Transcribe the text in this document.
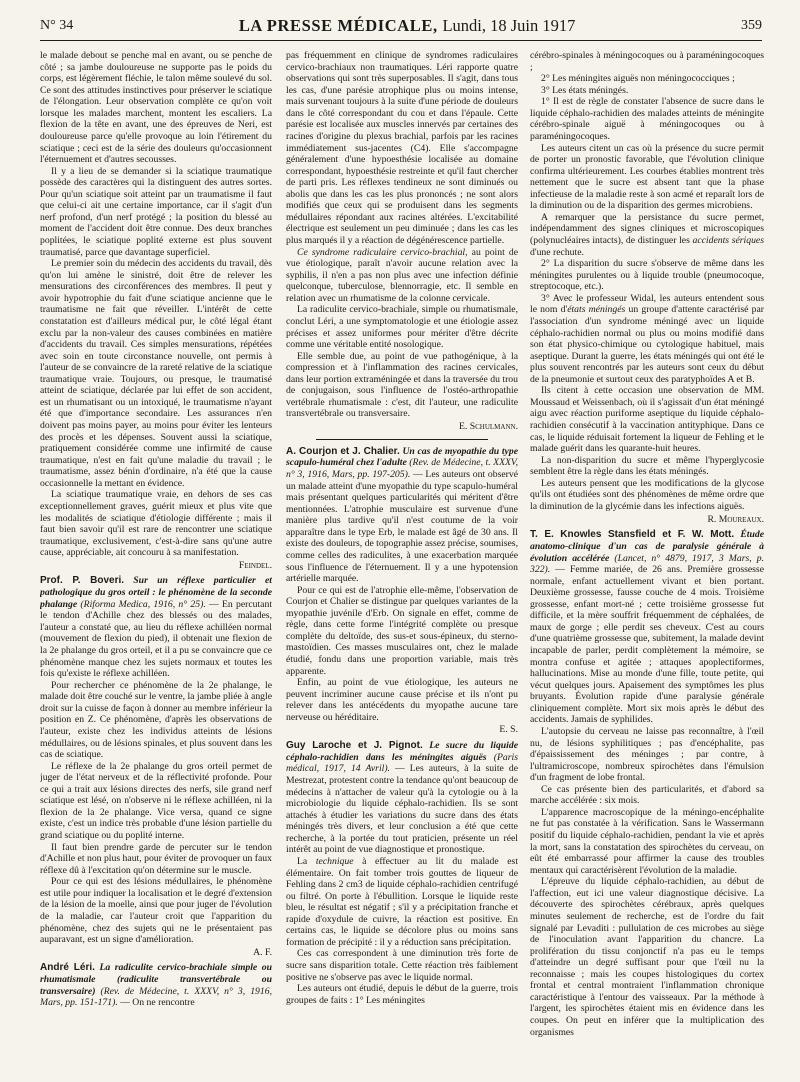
N° 34	LA PRESSE MÉDICALE, Lundi, 18 Juin 1917	359

le malade debout se penche mal en avant, ou se penche de côté ; sa jambe douloureuse ne supporte pas le poids du corps, est légèrement fléchie, le talon même soulevé du sol. Ce sont des attitudes instinctives pour préserver le sciatique de l'élongation. Leur observation complète ce qu'on voit lorsque les malades marchent, montent les escaliers. La flexion de la tête en avant, une des épreuves de Neri, est douloureuse parce qu'elle provoque au loin l'étirement du sciatique ; ceci est de la série des douleurs qu'occasionnent l'éternuement et d'autres secousses.

Il y a lieu de se demander si la sciatique traumatique possède des caractères qui la distinguent des autres sortes. Pour qu'un sciatique soit atteint par un traumatisme il faut que celui-ci ait une certaine importance, car il s'agit d'un nerf profond, d'un nerf protégé ; la position du blessé au moment de l'accident doit être connue. Des deux branches poplitées, le sciatique poplité externe est plus souvent traumatisé, parce que davantage superficiel.

Le premier soin du médecin des accidents du travail, dès qu'on lui amène le sinistré, doit être de relever les mensurations des circonférences des membres. Il peut y avoir hypotrophie du fait d'une sciatique ancienne que le traumatisme ne fait que réveiller. L'intérêt de cette constatation est d'ailleurs médical pur, le côté légal étant exclu par la non-valeur des causes combinées en matière d'accidents du travail. Ces simples mensurations, répétées avec soin en toute circonstance nouvelle, ont permis à l'auteur de se convaincre de la rareté relative de la sciatique traumatique vraie. Toujours, ou presque, le traumatisé atteint de sciatique, déclarée par lui effet de son accident, est un rhumatisant ou un intoxiqué, le traumatisme n'ayant été que d'importance secondaire. Les assurances n'en doivent pas moins payer, au moins pour éviter les lenteurs des procès et les dépenses. Souvent aussi la sciatique, pratiquement considérée comme une infirmité de cause traumatique, n'est en fait qu'une maladie du travail ; le traumatisme, assez bénin d'ordinaire, n'a été que la cause occasionnelle la mettant en évidence.

La sciatique traumatique vraie, en dehors de ses cas exceptionnellement graves, guérit mieux et plus vite que les modalités de sciatique d'étiologie différente ; mais il faut bien savoir qu'il est rare de rencontrer une sciatique traumatique, exclusivement, c'est-à-dire sans qu'une autre cause, appréciable, ait concouru à sa manifestation.

Feindel.

Prof. P. Boveri. Sur un réflexe particulier et pathologique du gros orteil : le phénomène de la seconde phalange (Riforma Medica, 1916, n° 25). — En percutant le tendon d'Achille chez des blessés ou des malades, l'auteur a constaté que, au lieu du réflexe achilléen normal (mouvement de flexion du pied), il obtenait une flexion de la 2e phalange du gros orteil, et il a pu se convaincre que ce phénomène manque chez les sujets normaux et toutes les fois qu'existe le réflexe achilléen.

Pour rechercher ce phénomène de la 2e phalange, le malade doit être couché sur le ventre, la jambe pliée à angle droit sur la cuisse de façon à donner au membre inférieur la position en Z. Ce phénomène, d'après les observations de l'auteur, existe chez les individus atteints de lésions médullaires, ou de lésions spinales, et plus souvent dans les cas de sciatique.

Le réflexe de la 2e phalange du gros orteil permet de juger de l'état nerveux et de la réflectivité profonde. Pour ce qui a trait aux lésions directes des nerfs, sile grand nerf sciatique est lésé, on n'observe ni le réflexe achilléen, ni la flexion de la 2e phalange. Vice versa, quand ce signe existe, c'est un indice très probable d'une lésion partielle du grand sciatique ou du poplité interne.

Il faut bien prendre garde de percuter sur le tendon d'Achille et non plus haut, pour éviter de provoquer un faux réflexe dû à l'excitation qu'on détermine sur le muscle.

Pour ce qui est des lésions médullaires, le phénomène est utile pour indiquer la localisation et le degré d'extension de la lésion de la moelle, ainsi que pour juger de l'évolution de la maladie, car l'auteur croit que l'apparition du phénomène, chez des sujets qui ne le présentaient pas auparavant, est un signe d'amélioration.

A. F.

André Léri. La radiculite cervico-brachiale simple ou rhumatismale (radiculite transvertébrale ou transversaire) (Rev. de Médecine, t. XXXV, n° 3, 1916, Mars, pp. 151-171). — On ne rencontre

pas fréquemment en clinique de syndromes radiculaires cervico-brachiaux non traumatiques. Léri rapporte quatre observations qui sont très superposables. Il s'agit, dans tous les cas, d'une parésie atrophique plus ou moins intense, mais survenant toujours à la suite d'une période de douleurs dans le côté correspondant du cou et dans l'épaule. Cette parésie est localisée aux muscles innervés par certaines des racines d'origine du plexus brachial, parfois par les racines immédiatement sus-jacentes (C4). Elle s'accompagne généralement d'une hypoesthésie localisée au domaine correspondant, hypoesthésie restreinte et qu'il faut chercher de parti pris. Les réflexes tendineux ne sont diminués ou abolis que dans les cas les plus prononcés ; ne sont alors modifiés que ceux qui se produisent dans les segments médullaires répondant aux racines altérées. L'excitabilité électrique est seulement un peu diminuée ; dans les cas les plus marqués il y a réaction de dégénérescence partielle.

Ce syndrome radiculaire cervico-brachial, au point de vue étiologique, paraît n'avoir aucune relation avec la syphilis, il n'en a pas non plus avec une infection définie quelconque, tuberculose, blennorragie, etc. Il semble en relation avec un rhumatisme de la colonne cervicale.

La radiculite cervico-brachiale, simple ou rhumatismale, conclut Léri, a une symptomatologie et une étiologie assez précises et assez uniformes pour mériter d'être décrite comme une véritable entité nosologique.

Elle semble due, au point de vue pathogénique, à la compression et à l'inflammation des racines cervicales, dans leur portion extraméningée et dans la traversée du trou de conjugaison, sous l'influence de l'ostéo-arthropathie vertébrale rhumatismale : c'est, dit l'auteur, une radiculite transvertébrale ou transversaire.

E. Schulmann.

A. Courjon et J. Chalier. Un cas de myopathie du type scapulo-huméral chez l'adulte (Rev. de Médecine, t. XXXV, n° 3, 1916, Mars, pp. 197-205). — Les auteurs ont observé un malade atteint d'une myopathie du type scapulo-huméral mais présentant quelques particularités qui méritent d'être mentionnées. L'atrophie musculaire est survenue d'une manière plus tardive qu'il n'est coutume de la voir apparaître dans le type Erb, le malade est âgé de 30 ans. Il existe des douleurs, de topographie assez précise, soumises, comme celles des radiculites, à une exacerbation marquée sous l'influence de l'éternuement. Il y a une hypotension artérielle marquée.

Pour ce qui est de l'atrophie elle-même, l'observation de Courjon et Chalier se distingue par quelques variantes de la myopathie juvénile d'Erb. On signale en effet, comme de règle, dans cette forme l'intégrité complète ou presque complète du deltoïde, des sus-et sous-épineux, du sterno-mastoïdien. Ces masses musculaires ont, chez le malade étudié, fondu dans une proportion variable, mais très apparente.

Enfin, au point de vue étiologique, les auteurs ne peuvent incriminer aucune cause précise et ils n'ont pu relever dans les antécédents du myopathe aucune tare nerveuse ou héréditaire.

E. S.

Guy Laroche et J. Pignot. Le sucre du liquide céphalo-rachidien dans les méningites aiguës (Paris médical, 1917, 14 Avril). — Les auteurs, à la suite de Mestrezat, protestent contre la tendance qu'ont beaucoup de médecins à n'attacher de valeur qu'à la cytologie ou à la microbiologie du liquide céphalo-rachidien. Ils se sont attachés à étudier les variations du sucre dans des états méningés très divers, et leur conclusion a été que cette recherche, à la portée du tout praticien, présente un réel intérêt au point de vue diagnostique et pronostique.

La technique à effectuer au lit du malade est élémentaire. On fait tomber trois gouttes de liqueur de Fehling dans 2 cm3 de liquide céphalo-rachidien centrifugé ou filtré. On porte à l'ébullition. Lorsque le liquide reste bleu, le résultat est négatif ; s'il y a précipitation franche et rapide d'oxydule de cuivre, la réaction est positive. En certains cas, le liquide se décolore plus ou moins sans formation de précipité : il y a réduction sans précipitation.

Ces cas correspondent à une diminution très forte de sucre sans disparition totale. Cette réaction très faiblement positive ne s'observe pas avec le liquide normal.

Les auteurs ont étudié, depuis le début de la guerre, trois groupes de faits : 1° Les méningites

cérébro-spinales à méningocoques ou à paraméningocoques ;

2° Les méningites aiguës non méningococciques ;
3° Les états méningés.

1° Il est de règle de constater l'absence de sucre dans le liquide céphalo-rachidien des malades atteints de méningite cérébro-spinale aiguë à méningocoques ou à paraméningocoques.

Les auteurs citent un cas où la présence du sucre permit de porter un pronostic favorable, que l'évolution clinique confirma ultérieurement. Les courbes établies montrent très nettement que le sucre est absent tant que la phase infectieuse de la maladie reste à son acmé et reparaît lors de la diminution ou de la disparition des germes microbiens.

A remarquer que la persistance du sucre permet, indépendamment des signes cliniques et microscopiques (polynucléaires intacts), de distinguer les accidents sériques d'une rechute.

2° La disparition du sucre s'observe de même dans les méningites purulentes ou à liquide trouble (pneumocoque, streptocoque, etc.).

3° Avec le professeur Widal, les auteurs entendent sous le nom d'états méningés un groupe d'attente caractérisé par l'association d'un syndrome méningé avec un liquide céphalo-rachidien normal ou plus ou moins modifié dans son état physico-chimique ou cytologique habituel, mais aseptique. Durant la guerre, les états méningés qui ont été le plus souvent rencontrés par les auteurs sont ceux du début de la pneumonie et surtout ceux des paratyphoïdes A et B.

Ils citent à cette occasion une observation de MM. Moussaud et Weissenbach, où il s'agissait d'un état méningé aigu avec réaction puriforme aseptique du liquide céphalo-rachidien consécutif à la vaccination antityphique. Dans ce cas, le liquide réduisait fortement la liqueur de Fehling et le malade guérit dans les quarante-huit heures.

La non-disparition du sucre et même l'hyperglycosie semblent être la règle dans les états méningés.

Les auteurs pensent que les modifications de la glycose qu'ils ont étudiées sont des phénomènes de même ordre que la diminution de la glycémie dans les infections aiguës.

R. Moureaux.

T. E. Knowles Stansfield et F. W. Mott. Étude anatomo-clinique d'un cas de paralysie générale à évolution accélérée (Lancet, n° 4879, 1917, 3 Mars, p. 322). — Femme mariée, de 26 ans. Première grossesse normale, enfant actuellement vivant et bien portant. Deuxième grossesse, fausse couche de 4 mois. Troisième grossesse, enfant mort-né ; cette troisième grossesse fut difficile, et la mère souffrit fréquemment de céphalées, de maux de gorge ; elle perdit ses cheveux. C'est au cours d'une quatrième grossesse que, subitement, la malade devint incapable de parler, perdit complètement la mémoire, se montra confuse et agitée ; attaques apoplectiformes, hallucinations. Mise au monde d'une fille, toute petite, qui vécut quelques jours. Apaisement des symptômes les plus bruyants. Évolution rapide d'une paralysie générale cliniquement complète. Mort six mois après le début des accidents. Jamais de syphilides.

L'autopsie du cerveau ne laisse pas reconnaître, à l'œil nu, de lésions syphilitiques ; pas d'encéphalite, pas d'épaississement des méninges ; par contre, à l'ultramicroscope, nombreux spirochètes dans l'émulsion d'un fragment de lobe frontal.

Ce cas présente bien des particularités, et d'abord sa marche accélérée : six mois.

L'apparence macroscopique de la méningo-encéphalite ne fut pas constatée à la vérification. Sans le Wassermann positif du liquide céphalo-rachidien, pendant la vie et après la mort, sans la constatation des spirochètes du cerveau, on eût été embarrassé pour affirmer la cause des troubles mentaux qui caractérisèrent l'évolution de la maladie.

L'épreuve du liquide céphalo-rachidien, au début de l'affection, eut ici une valeur diagnostique décisive. La découverte des spirochètes cérébraux, après quelques minutes seulement de recherche, est de l'ordre du fait signalé par Levaditi : pullulation de ces microbes au siège de l'inoculation avant l'apparition du chancre. La prolifération du tissu conjonctif n'a pas eu le temps d'atteindre un degré suffisant pour que l'œil nu la reconnaisse ; mais les coupes histologiques du cortex frontal et central montraient l'inflammation chronique caractéristique à l'entour des vaisseaux. Par la méthode à l'argent, les spirochètes étaient mis en évidence dans les coupes. On peut en inférer que la multiplication des organismes
